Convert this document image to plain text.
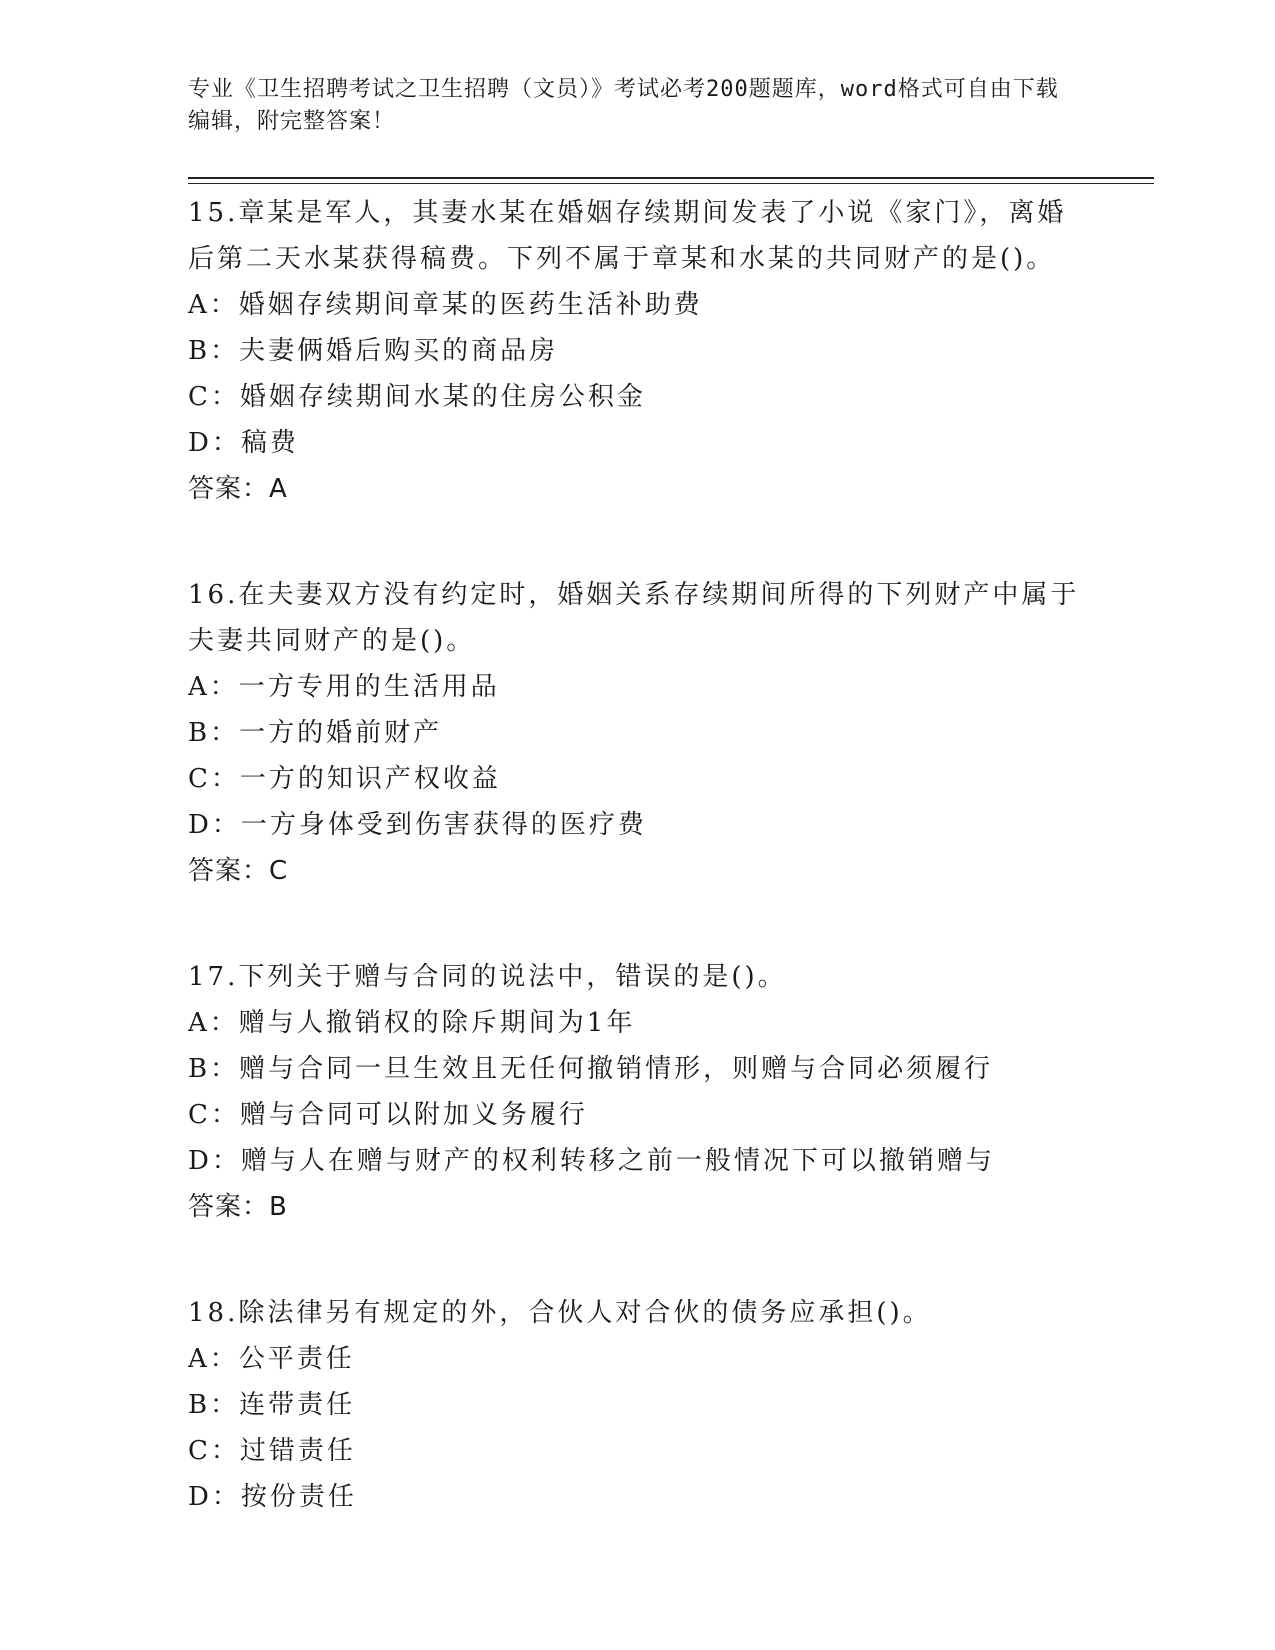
专业《卫生招聘考试之卫生招聘（文员）》考试必考200题题库，word格式可自由下载编辑，附完整答案！

15.章某是军人，其妻水某在婚姻存续期间发表了小说《家门》，离婚后第二天水某获得稿费。下列不属于章某和水某的共同财产的是()。

A：婚姻存续期间章某的医药生活补助费

B：夫妻俩婚后购买的商品房

C：婚姻存续期间水某的住房公积金

D：稿费

答案：A

16.在夫妻双方没有约定时，婚姻关系存续期间所得的下列财产中属于夫妻共同财产的是()。

A：一方专用的生活用品

B：一方的婚前财产

C：一方的知识产权收益

D：一方身体受到伤害获得的医疗费

答案：C

17.下列关于赠与合同的说法中，错误的是()。

A：赠与人撤销权的除斥期间为1年

B：赠与合同一旦生效且无任何撤销情形，则赠与合同必须履行

C：赠与合同可以附加义务履行

D：赠与人在赠与财产的权利转移之前一般情况下可以撤销赠与

答案：B

18.除法律另有规定的外，合伙人对合伙的债务应承担()。

A：公平责任

B：连带责任

C：过错责任

D：按份责任
